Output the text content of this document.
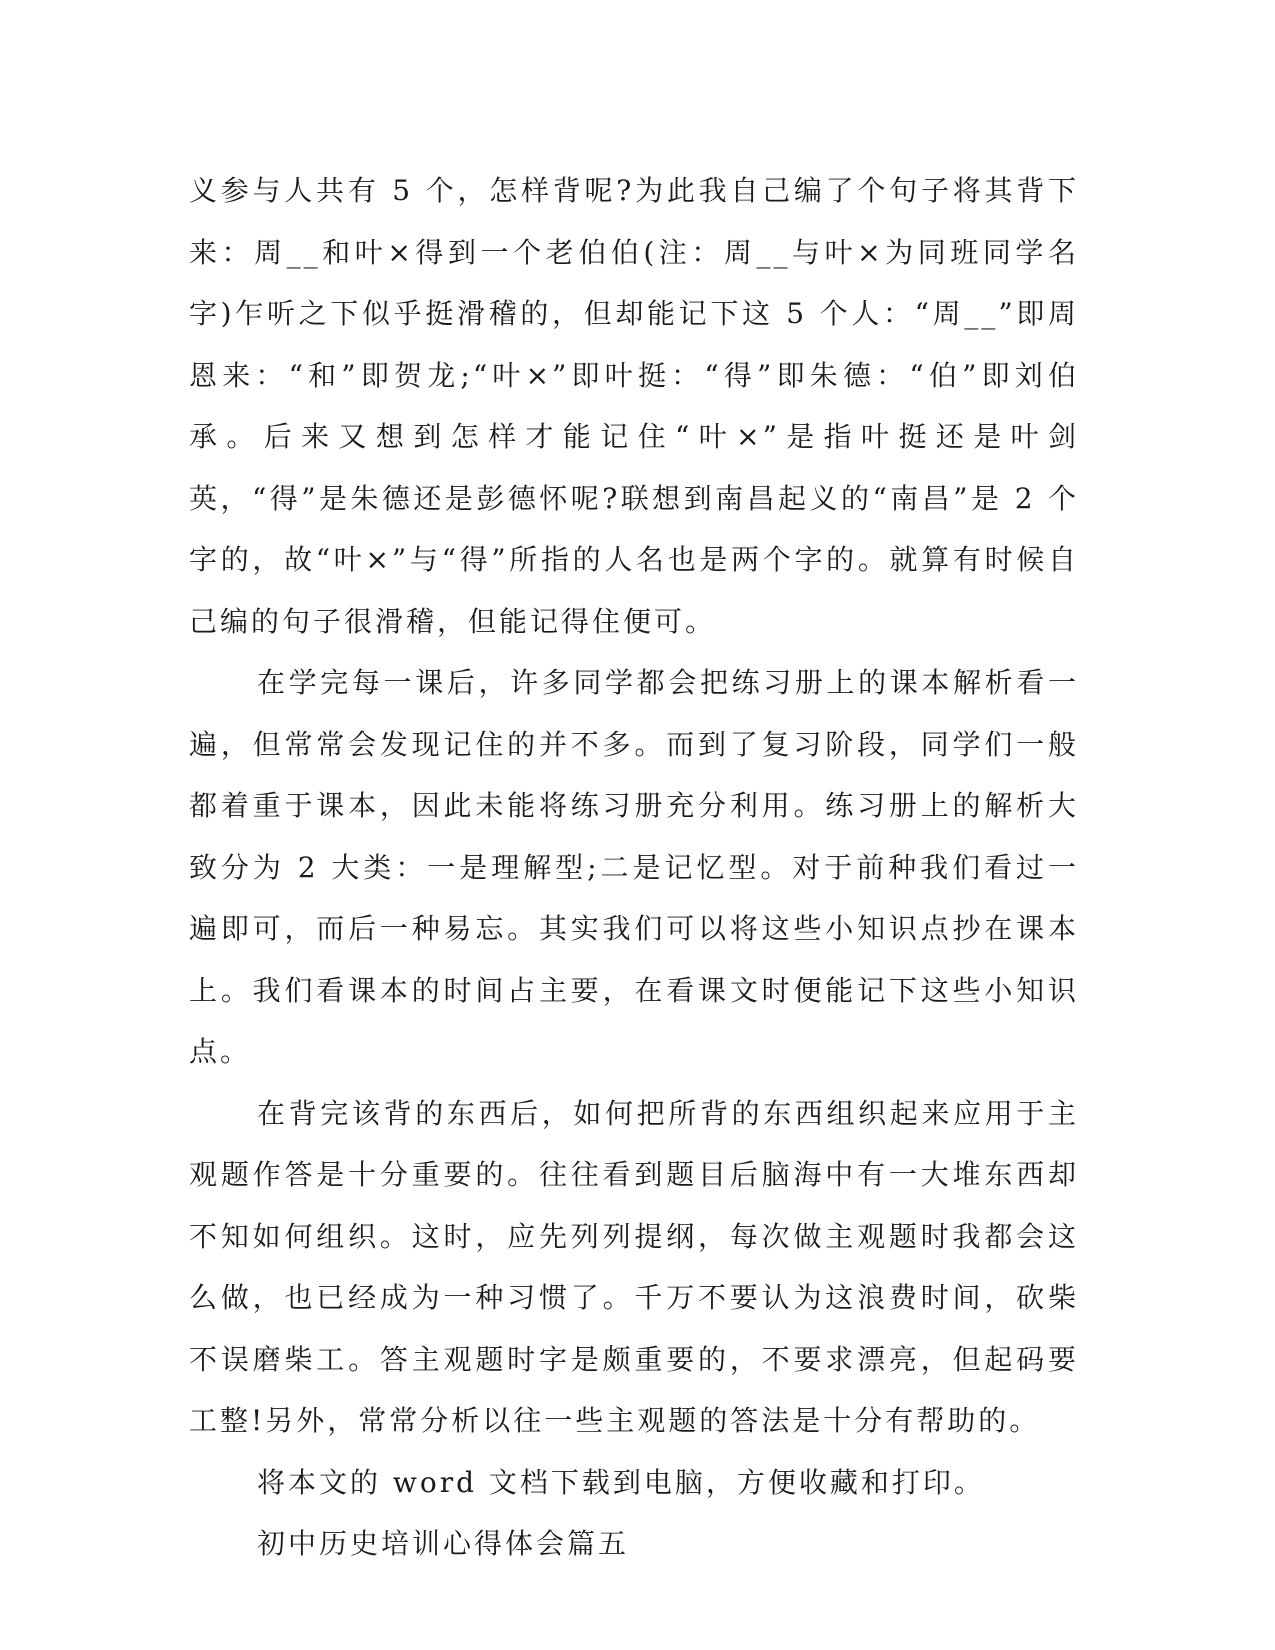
义参与人共有 5 个，怎样背呢?为此我自己编了个句子将其背下来：周__和叶×得到一个老伯伯(注：周__与叶×为同班同学名字)乍听之下似乎挺滑稽的，但却能记下这 5 个人：“周__”即周恩来：“和”即贺龙;“叶×”即叶挺：“得”即朱德：“伯”即刘伯承。后来又想到怎样才能记住“叶×”是指叶挺还是叶剑英，“得”是朱德还是彭德怀呢?联想到南昌起义的“南昌”是 2 个字的，故“叶×”与“得”所指的人名也是两个字的。就算有时候自己编的句子很滑稽，但能记得住便可。

在学完每一课后，许多同学都会把练习册上的课本解析看一遍，但常常会发现记住的并不多。而到了复习阶段，同学们一般都着重于课本，因此未能将练习册充分利用。练习册上的解析大致分为 2 大类：一是理解型;二是记忆型。对于前种我们看过一遍即可，而后一种易忘。其实我们可以将这些小知识点抄在课本上。我们看课本的时间占主要，在看课文时便能记下这些小知识点。

在背完该背的东西后，如何把所背的东西组织起来应用于主观题作答是十分重要的。往往看到题目后脑海中有一大堆东西却不知如何组织。这时，应先列列提纲，每次做主观题时我都会这么做，也已经成为一种习惯了。千万不要认为这浪费时间，砍柴不误磨柴工。答主观题时字是颇重要的，不要求漂亮，但起码要工整!另外，常常分析以往一些主观题的答法是十分有帮助的。

将本文的 word 文档下载到电脑，方便收藏和打印。

初中历史培训心得体会篇五
